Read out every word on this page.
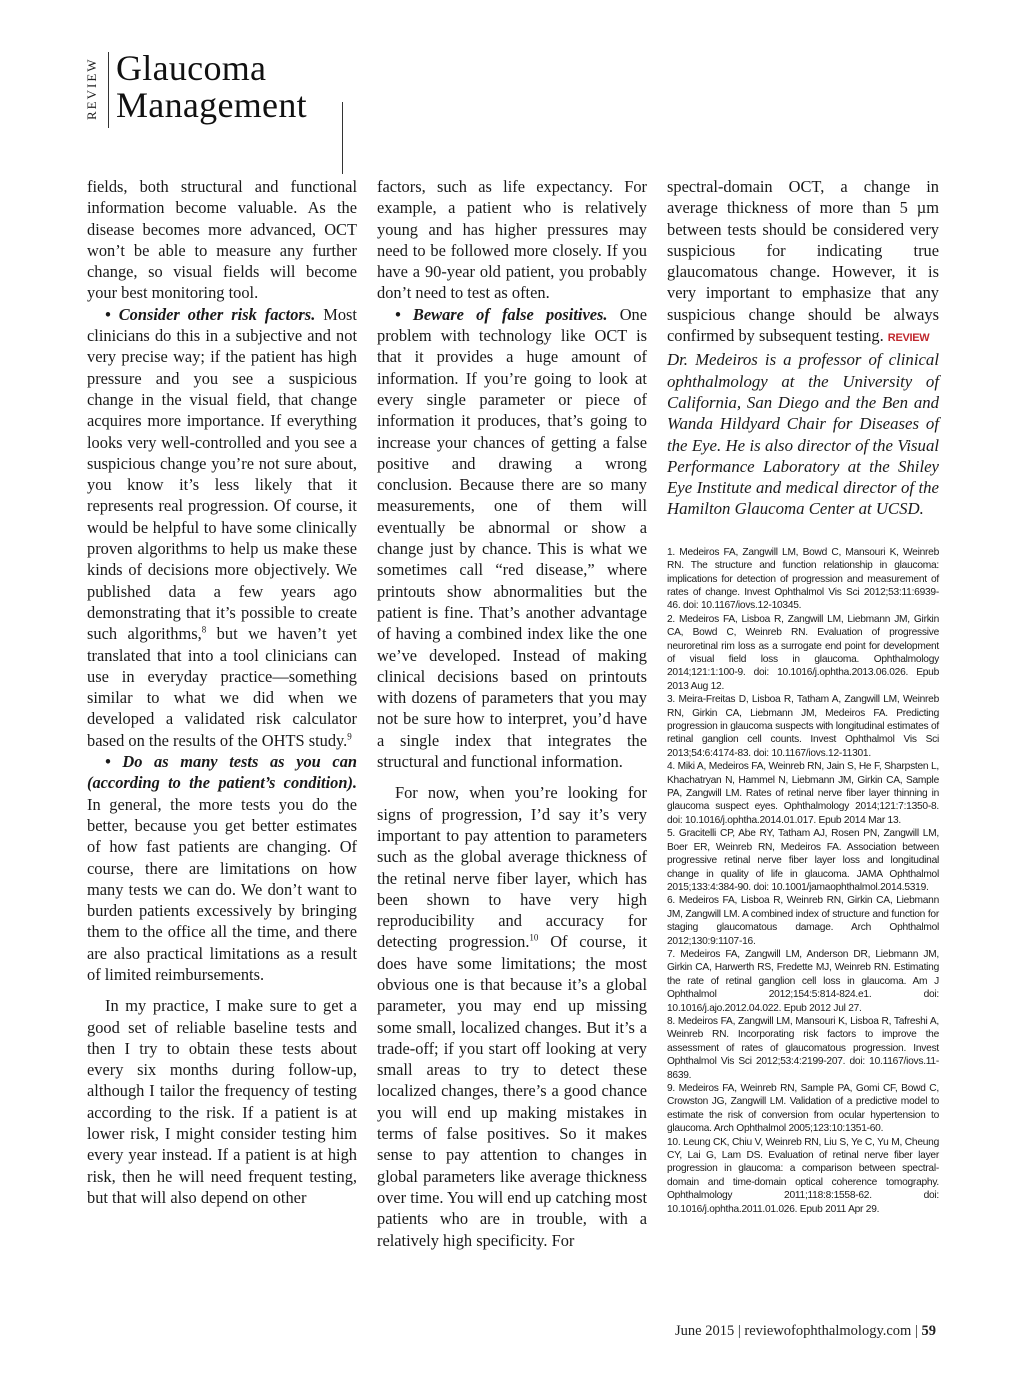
REVIEW Glaucoma
Management

fields, both structural and functional information become valuable. As the disease becomes more advanced, OCT won’t be able to measure any further change, so visual fields will become your best monitoring tool.

• Consider other risk factors. Most clinicians do this in a subjective and not very precise way; if the patient has high pressure and you see a suspicious change in the visual field, that change acquires more importance. If everything looks very well-controlled and you see a suspicious change you’re not sure about, you know it’s less likely that it represents real progression. Of course, it would be helpful to have some clinically proven algorithms to help us make these kinds of decisions more objectively. We published data a few years ago demonstrating that it’s possible to create such algorithms,$^8$ but we haven’t yet translated that into a tool clinicians can use in everyday practice—something similar to what we did when we developed a validated risk calculator based on the results of the OHTS study.$^9$

• Do as many tests as you can (according to the patient’s condition). In general, the more tests you do the better, because you get better estimates of how fast patients are changing. Of course, there are limitations on how many tests we can do. We don’t want to burden patients excessively by bringing them to the office all the time, and there are also practical limitations as a result of limited reimbursements.

In my practice, I make sure to get a good set of reliable baseline tests and then I try to obtain these tests about every six months during follow-up, although I tailor the frequency of testing according to the risk. If a patient is at lower risk, I might consider testing him every year instead. If a patient is at high risk, then he will need frequent testing, but that will also depend on other

factors, such as life expectancy. For example, a patient who is relatively young and has higher pressures may need to be followed more closely. If you have a 90-year old patient, you probably don’t need to test as often.

• Beware of false positives. One problem with technology like OCT is that it provides a huge amount of information. If you’re going to look at every single parameter or piece of information it produces, that’s going to increase your chances of getting a false positive and drawing a wrong conclusion. Because there are so many measurements, one of them will eventually be abnormal or show a change just by chance. This is what we sometimes call “red disease,” where printouts show abnormalities but the patient is fine. That’s another advantage of having a combined index like the one we’ve developed. Instead of making clinical decisions based on printouts with dozens of parameters that you may not be sure how to interpret, you’d have a single index that integrates the structural and functional information.

For now, when you’re looking for signs of progression, I’d say it’s very important to pay attention to parameters such as the global average thickness of the retinal nerve fiber layer, which has been shown to have very high reproducibility and accuracy for detecting progression.$^{10}$ Of course, it does have some limitations; the most obvious one is that because it’s a global parameter, you may end up missing some small, localized changes. But it’s a trade-off; if you start off looking at very small areas to try to detect these localized changes, there’s a good chance you will end up making mistakes in terms of false positives. So it makes sense to pay attention to changes in global parameters like average thickness over time. You will end up catching most patients who are in trouble, with a relatively high specificity. For

spectral-domain OCT, a change in average thickness of more than 5 µm between tests should be considered very suspicious for indicating true glaucomatous change. However, it is very important to emphasize that any suspicious change should be always confirmed by subsequent testing. REVIEW

Dr. Medeiros is a professor of clinical ophthalmology at the University of California, San Diego and the Ben and Wanda Hildyard Chair for Diseases of the Eye. He is also director of the Visual Performance Laboratory at the Shiley Eye Institute and medical director of the Hamilton Glaucoma Center at UCSD.

1. Medeiros FA, Zangwill LM, Bowd C, Mansouri K, Weinreb RN. The structure and function relationship in glaucoma: implications for detection of progression and measurement of rates of change. Invest Ophthalmol Vis Sci 2012;53:11:6939-46. doi: 10.1167/iovs.12-10345.

2. Medeiros FA, Lisboa R, Zangwill LM, Liebmann JM, Girkin CA, Bowd C, Weinreb RN. Evaluation of progressive neuroretinal rim loss as a surrogate end point for development of visual field loss in glaucoma. Ophthalmology 2014;121:1:100-9. doi: 10.1016/j.ophtha.2013.06.026. Epub 2013 Aug 12.

3. Meira-Freitas D, Lisboa R, Tatham A, Zangwill LM, Weinreb RN, Girkin CA, Liebmann JM, Medeiros FA. Predicting progression in glaucoma suspects with longitudinal estimates of retinal ganglion cell counts. Invest Ophthalmol Vis Sci 2013;54:6:4174-83. doi: 10.1167/iovs.12-11301.

4. Miki A, Medeiros FA, Weinreb RN, Jain S, He F, Sharpsten L, Khachatryan N, Hammel N, Liebmann JM, Girkin CA, Sample PA, Zangwill LM. Rates of retinal nerve fiber layer thinning in glaucoma suspect eyes. Ophthalmology 2014;121:7:1350-8. doi: 10.1016/j.ophtha.2014.01.017. Epub 2014 Mar 13.

5. Gracitelli CP, Abe RY, Tatham AJ, Rosen PN, Zangwill LM, Boer ER, Weinreb RN, Medeiros FA. Association between progressive retinal nerve fiber layer loss and longitudinal change in quality of life in glaucoma. JAMA Ophthalmol 2015;133:4:384-90. doi: 10.1001/jamaophthalmol.2014.5319.

6. Medeiros FA, Lisboa R, Weinreb RN, Girkin CA, Liebmann JM, Zangwill LM. A combined index of structure and function for staging glaucomatous damage. Arch Ophthalmol 2012;130:9:1107-16.

7. Medeiros FA, Zangwill LM, Anderson DR, Liebmann JM, Girkin CA, Harwerth RS, Fredette MJ, Weinreb RN. Estimating the rate of retinal ganglion cell loss in glaucoma. Am J Ophthalmol 2012;154:5:814-824.e1. doi: 10.1016/j.ajo.2012.04.022. Epub 2012 Jul 27.

8. Medeiros FA, Zangwill LM, Mansouri K, Lisboa R, Tafreshi A, Weinreb RN. Incorporating risk factors to improve the assessment of rates of glaucomatous progression. Invest Ophthalmol Vis Sci 2012;53:4:2199-207. doi: 10.1167/iovs.11-8639.

9. Medeiros FA, Weinreb RN, Sample PA, Gomi CF, Bowd C, Crowston JG, Zangwill LM. Validation of a predictive model to estimate the risk of conversion from ocular hypertension to glaucoma. Arch Ophthalmol 2005;123:10:1351-60.

10. Leung CK, Chiu V, Weinreb RN, Liu S, Ye C, Yu M, Cheung CY, Lai G, Lam DS. Evaluation of retinal nerve fiber layer progression in glaucoma: a comparison between spectral-domain and time-domain optical coherence tomography. Ophthalmology 2011;118:8:1558-62. doi: 10.1016/j.ophtha.2011.01.026. Epub 2011 Apr 29.

June 2015 | reviewofophthalmology.com | 59
